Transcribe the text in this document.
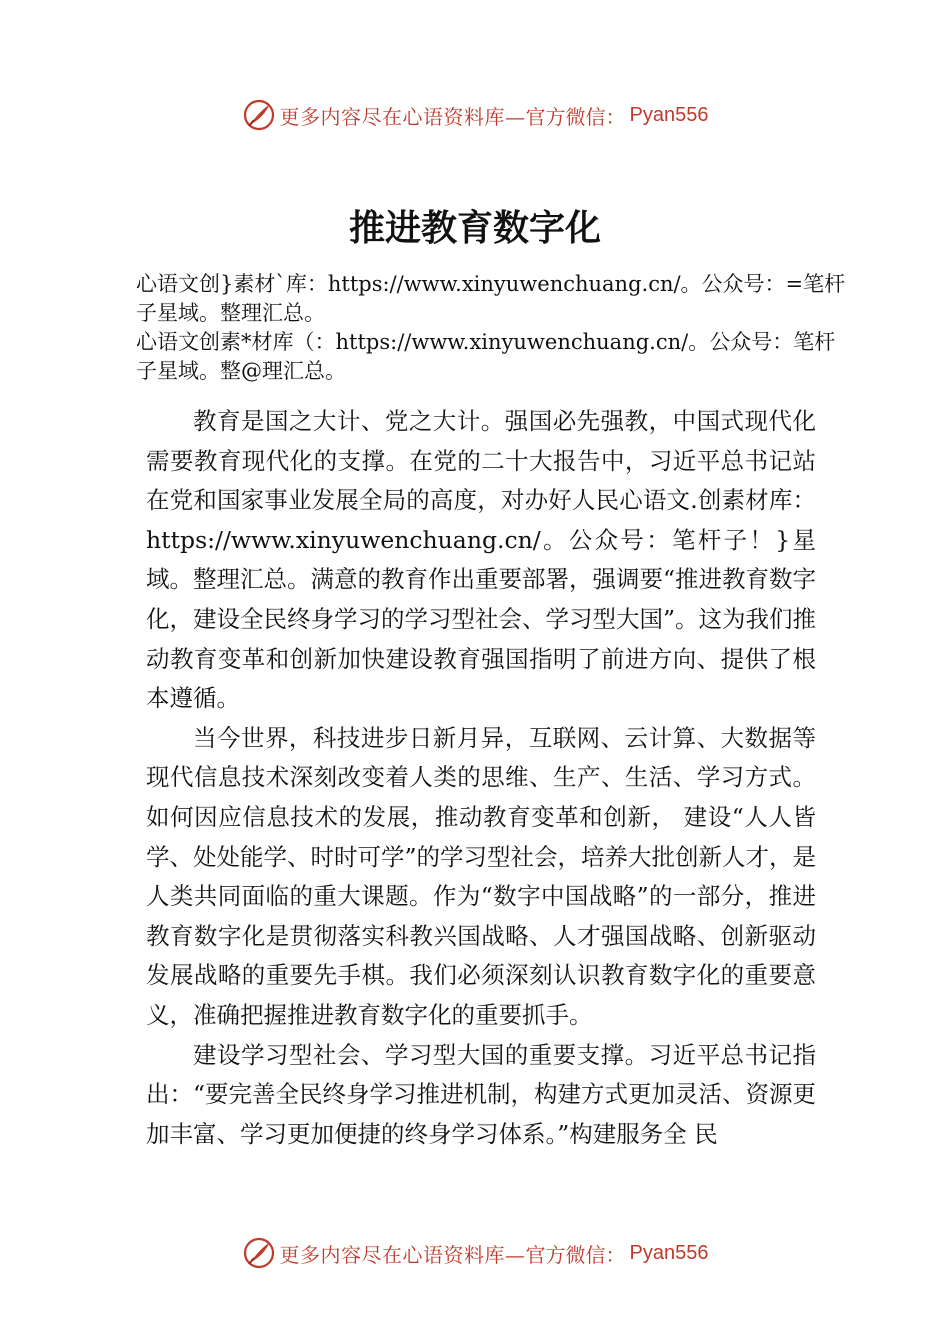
更多内容尽在心语资料库— 官方微信： Pyan556
推进教育数字化
心语文创}素材`库：https://www.xinyuwenchuang.cn/。公众号：=笔杆子星域。整理汇总。
心语文创素*材库（：https://www.xinyuwenchuang.cn/。公众号：笔杆子星域。整@理汇总。

教育是国之大计、党之大计。强国必先强教，中国式现代化需要教育现代化的支撑。在党的二十大报告中，习近平总书记站在党和国家事业发展全局的高度，对办好人民心语文.创素材库：https://www.xinyuwenchuang.cn/。公众号：笔杆子！}星域。整理汇总。满意的教育作出重要部署，强调要“推进教育数字化，建设全民终身学习的学习型社会、学习型大国”。这为我们推动教育变革和创新加快建设教育强国指明了前进方向、提供了根本遵循。

当今世界，科技进步日新月异，互联网、云计算、大数据等现代信息技术深刻改变着人类的思维、生产、生活、学习方式。如何因应信息技术的发展，推动教育变革和创新， 建设“人人皆学、处处能学、时时可学”的学习型社会，培养大批创新人才，是人类共同面临的重大课题。作为“数字中国战略”的一部分，推进教育数字化是贯彻落实科教兴国战略、人才强国战略、创新驱动发展战略的重要先手棋。我们必须深刻认识教育数字化的重要意义，准确把握推进教育数字化的重要抓手。

建设学习型社会、学习型大国的重要支撑。习近平总书记指出：“要完善全民终身学习推进机制，构建方式更加灵活、资源更加丰富、学习更加便捷的终身学习体系。”构建服务全 民

更多内容尽在心语资料库— 官方微信： Pyan556
